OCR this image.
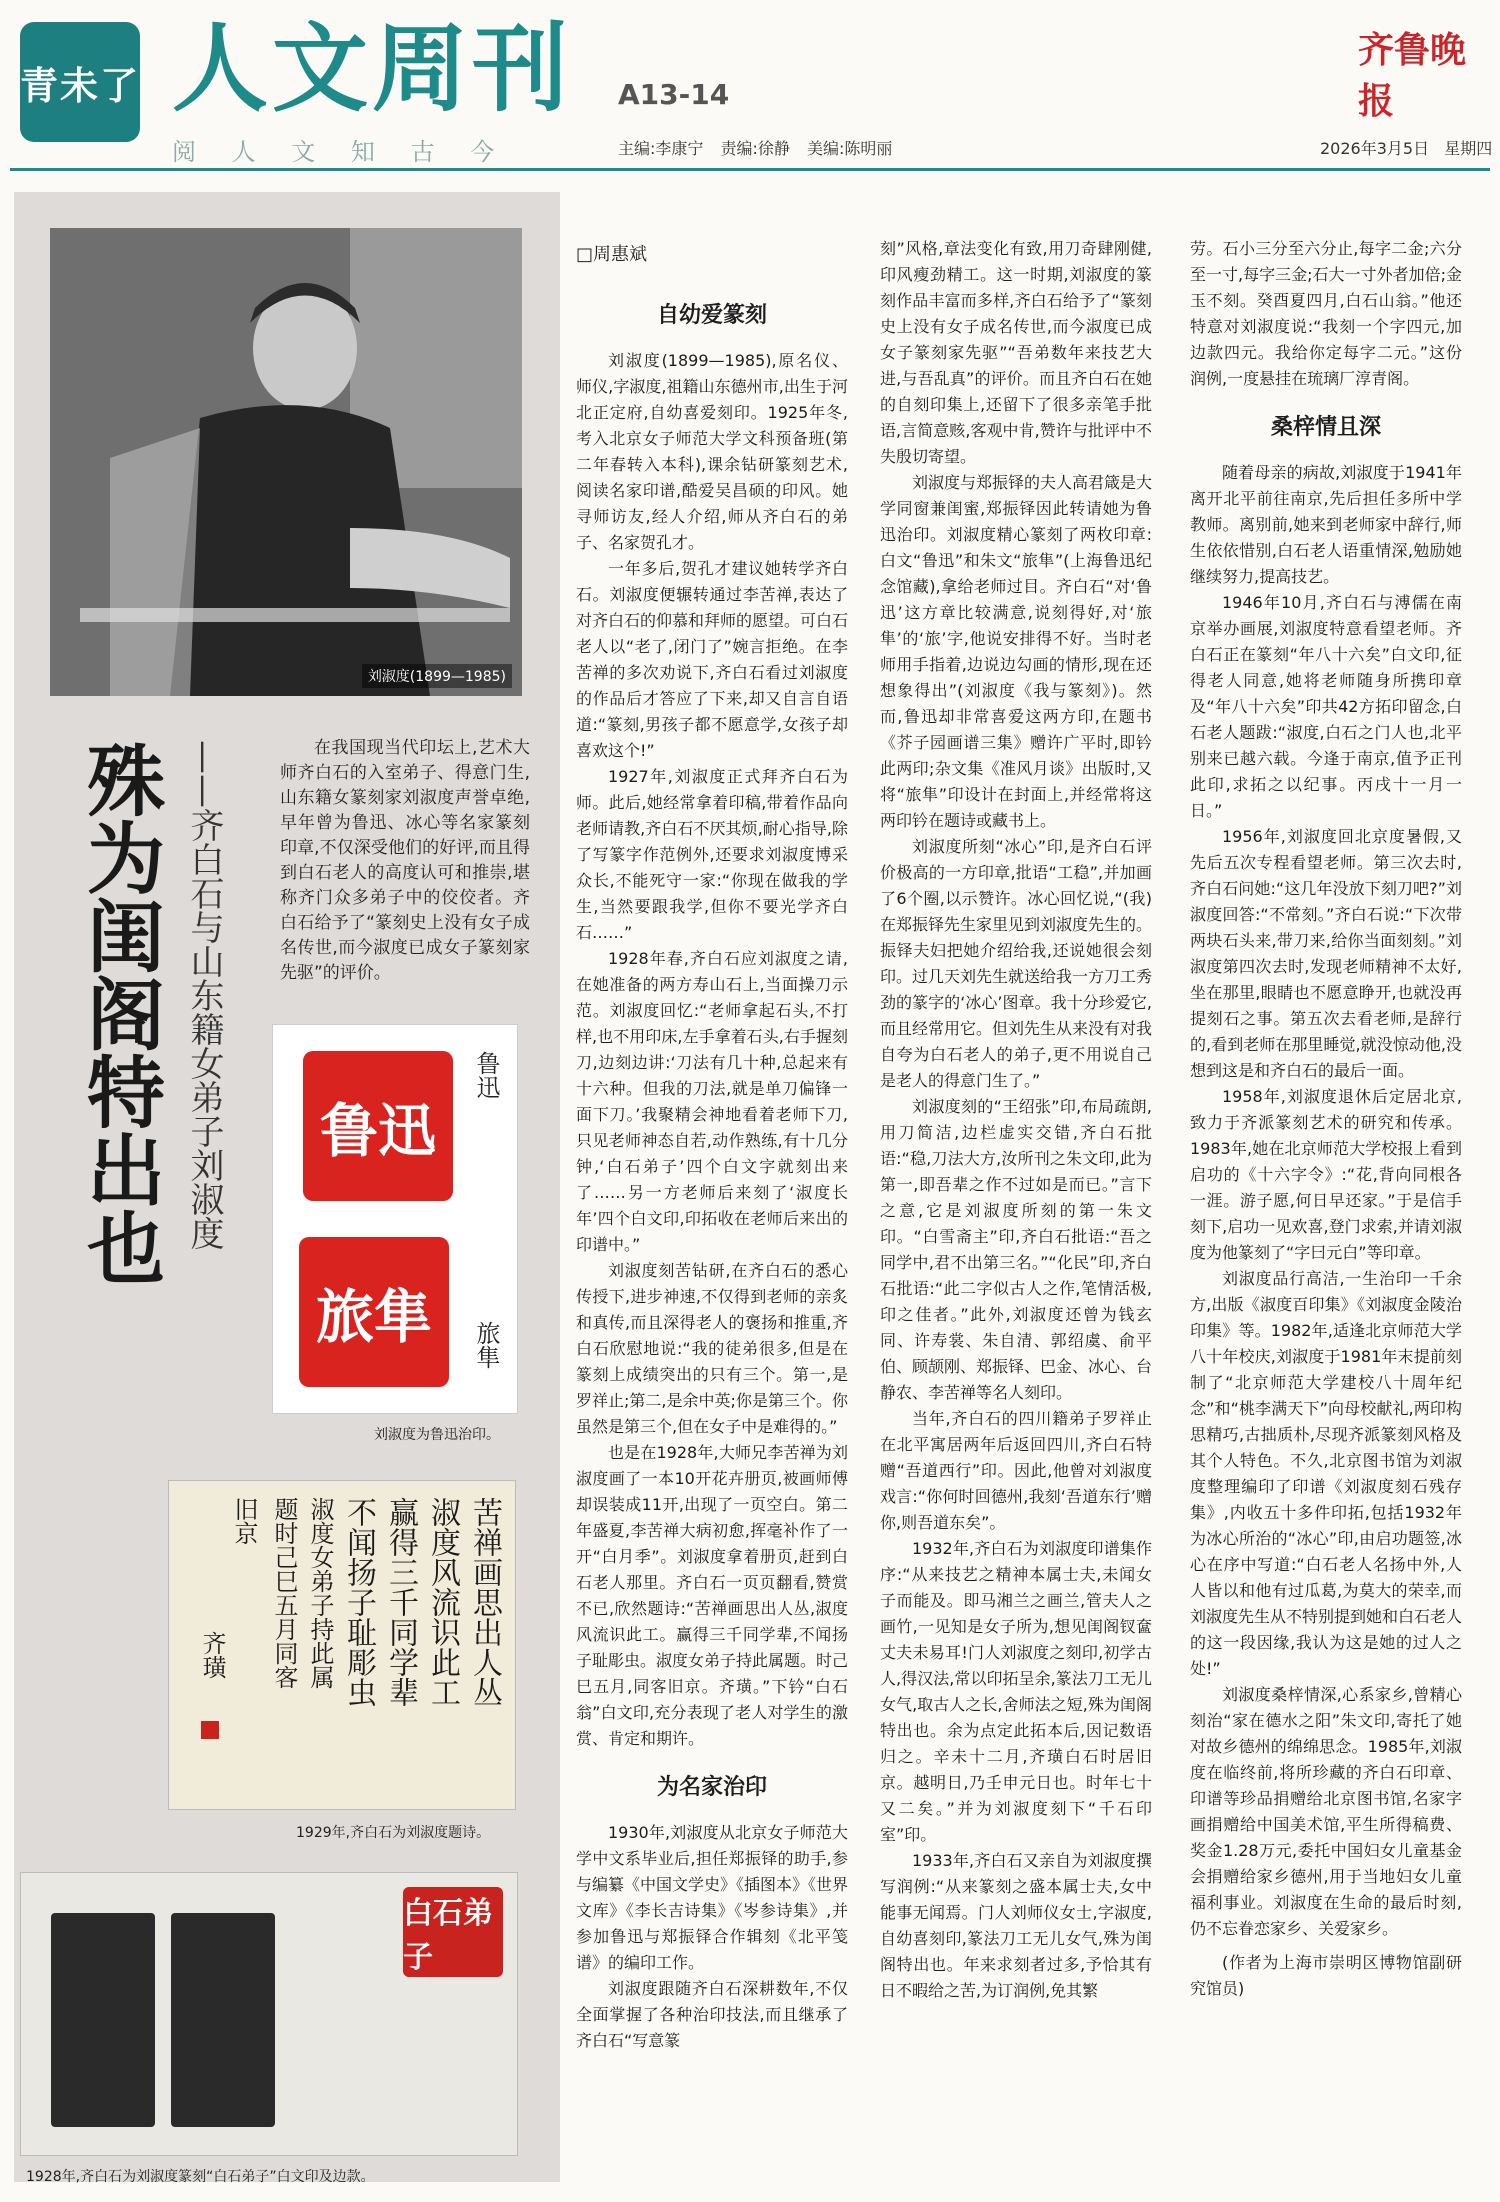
青未了 人文周刊 A13-14
齐鲁晚报
阅 人 文 知 古 今	主编:李康宁 责编:徐静 美编:陈明丽	2026年3月5日 星期四
刘淑度(1899—1985)
殊为闺阁特出也 ——齐白石与山东籍女弟子刘淑度	在我国现当代印坛上,艺术大师齐白石的入室弟子、得意门生,山东籍女篆刻家刘淑度声誉卓绝,早年曾为鲁迅、冰心等名家篆刻印章,不仅深受他们的好评,而且得到白石老人的高度认可和推崇,堪称齐门众多弟子中的佼佼者。齐白石给予了“篆刻史上没有女子成名传世,而今淑度已成女子篆刻家先驱”的评价。
鲁迅
鲁迅
旅隼	旅隼
刘淑度为鲁迅治印。
苦禅画思出人丛
淑度风流识此工
赢得三千同学辈
不闻扬子耻彫虫
淑度女弟子持此属
题时己巳五月同客
旧京
齐璜
1929年,齐白石为刘淑度题诗。
白石弟子
1928年,齐白石为刘淑度篆刻“白石弟子”白文印及边款。
□周惠斌
自幼爱篆刻

刘淑度(1899—1985),原名仪、师仪,字淑度,祖籍山东德州市,出生于河北正定府,自幼喜爱刻印。1925年冬,考入北京女子师范大学文科预备班(第二年春转入本科),课余钻研篆刻艺术,阅读名家印谱,酷爱吴昌硕的印风。她寻师访友,经人介绍,师从齐白石的弟子、名家贺孔才。

一年多后,贺孔才建议她转学齐白石。刘淑度便辗转通过李苦禅,表达了对齐白石的仰慕和拜师的愿望。可白石老人以“老了,闭门了”婉言拒绝。在李苦禅的多次劝说下,齐白石看过刘淑度的作品后才答应了下来,却又自言自语道:“篆刻,男孩子都不愿意学,女孩子却喜欢这个!”

1927年,刘淑度正式拜齐白石为师。此后,她经常拿着印稿,带着作品向老师请教,齐白石不厌其烦,耐心指导,除了写篆字作范例外,还要求刘淑度博采众长,不能死守一家:“你现在做我的学生,当然要跟我学,但你不要光学齐白石……”

1928年春,齐白石应刘淑度之请,在她准备的两方寿山石上,当面操刀示范。刘淑度回忆:“老师拿起石头,不打样,也不用印床,左手拿着石头,右手握刻刀,边刻边讲:‘刀法有几十种,总起来有十六种。但我的刀法,就是单刀偏锋一面下刀。’我聚精会神地看着老师下刀,只见老师神态自若,动作熟练,有十几分钟,‘白石弟子’四个白文字就刻出来了……另一方老师后来刻了‘淑度长年’四个白文印,印拓收在老师后来出的印谱中。”

刘淑度刻苦钻研,在齐白石的悉心传授下,进步神速,不仅得到老师的亲炙和真传,而且深得老人的褒扬和推重,齐白石欣慰地说:“我的徒弟很多,但是在篆刻上成绩突出的只有三个。第一,是罗祥止;第二,是余中英;你是第三个。你虽然是第三个,但在女子中是难得的。”

也是在1928年,大师兄李苦禅为刘淑度画了一本10开花卉册页,被画师傅却误装成11开,出现了一页空白。第二年盛夏,李苦禅大病初愈,挥毫补作了一开“白月季”。刘淑度拿着册页,赶到白石老人那里。齐白石一页页翻看,赞赏不已,欣然题诗:“苦禅画思出人丛,淑度风流识此工。赢得三千同学辈,不闻扬子耻彫虫。淑度女弟子持此属题。时己巳五月,同客旧京。齐璜。”下钤“白石翁”白文印,充分表现了老人对学生的激赏、肯定和期许。

为名家治印

1930年,刘淑度从北京女子师范大学中文系毕业后,担任郑振铎的助手,参与编纂《中国文学史》《插图本》《世界文库》《李长吉诗集》《岑参诗集》,并参加鲁迅与郑振铎合作辑刻《北平笺谱》的编印工作。

刘淑度跟随齐白石深耕数年,不仅全面掌握了各种治印技法,而且继承了齐白石“写意篆

刻”风格,章法变化有致,用刀奇肆刚健,印风瘦劲精工。这一时期,刘淑度的篆刻作品丰富而多样,齐白石给予了“篆刻史上没有女子成名传世,而今淑度已成女子篆刻家先驱”“吾弟数年来技艺大进,与吾乱真”的评价。而且齐白石在她的自刻印集上,还留下了很多亲笔手批语,言简意赅,客观中肯,赞许与批评中不失殷切寄望。

刘淑度与郑振铎的夫人高君箴是大学同窗兼闺蜜,郑振铎因此转请她为鲁迅治印。刘淑度精心篆刻了两枚印章:白文“鲁迅”和朱文“旅隼”(上海鲁迅纪念馆藏),拿给老师过目。齐白石“对‘鲁迅’这方章比较满意,说刻得好,对‘旅隼’的‘旅’字,他说安排得不好。当时老师用手指着,边说边勾画的情形,现在还想象得出”(刘淑度《我与篆刻》)。然而,鲁迅却非常喜爱这两方印,在题书《芥子园画谱三集》赠许广平时,即钤此两印;杂文集《准风月谈》出版时,又将“旅隼”印设计在封面上,并经常将这两印钤在题诗或藏书上。

刘淑度所刻“冰心”印,是齐白石评价极高的一方印章,批语“工稳”,并加画了6个圈,以示赞许。冰心回忆说,“(我)在郑振铎先生家里见到刘淑度先生的。振铎夫妇把她介绍给我,还说她很会刻印。过几天刘先生就送给我一方刀工秀劲的篆字的‘冰心’图章。我十分珍爱它,而且经常用它。但刘先生从来没有对我自夸为白石老人的弟子,更不用说自己是老人的得意门生了。”

刘淑度刻的“王绍张”印,布局疏朗,用刀简洁,边栏虚实交错,齐白石批语:“稳,刀法大方,汝所刊之朱文印,此为第一,即吾辈之作不过如是而已。”言下之意,它是刘淑度所刻的第一朱文印。“白雪斋主”印,齐白石批语:“吾之同学中,君不出第三名。”“化民”印,齐白石批语:“此二字似古人之作,笔情活极,印之佳者。”此外,刘淑度还曾为钱玄同、许寿裳、朱自清、郭绍虞、俞平伯、顾颉刚、郑振铎、巴金、冰心、台静农、李苦禅等名人刻印。

当年,齐白石的四川籍弟子罗祥止在北平寓居两年后返回四川,齐白石特赠“吾道西行”印。因此,他曾对刘淑度戏言:“你何时回德州,我刻‘吾道东行’赠你,则吾道东矣”。

1932年,齐白石为刘淑度印谱集作序:“从来技艺之精神本属士夫,未闻女子而能及。即马湘兰之画兰,管夫人之画竹,一见知是女子所为,想见闺阁钗奩丈夫未易耳!门人刘淑度之刻印,初学古人,得汉法,常以印拓呈余,篆法刀工无儿女气,取古人之长,舍师法之短,殊为闺阁特出也。余为点定此拓本后,因记数语归之。辛未十二月,齐璜白石时居旧京。越明日,乃壬申元日也。时年七十又二矣。”并为刘淑度刻下“千石印室”印。

1933年,齐白石又亲自为刘淑度撰写润例:“从来篆刻之盛本属士夫,女中能事无闻焉。门人刘师仪女士,字淑度,自幼喜刻印,篆法刀工无儿女气,殊为闺阁特出也。年来求刻者过多,予恰其有日不暇给之苦,为订润例,免其繁

劳。石小三分至六分止,每字二金;六分至一寸,每字三金;石大一寸外者加倍;金玉不刻。癸酉夏四月,白石山翁。”他还特意对刘淑度说:“我刻一个字四元,加边款四元。我给你定每字二元。”这份润例,一度悬挂在琉璃厂淳青阁。

桑梓情且深

随着母亲的病故,刘淑度于1941年离开北平前往南京,先后担任多所中学教师。离别前,她来到老师家中辞行,师生依依惜别,白石老人语重情深,勉励她继续努力,提高技艺。

1946年10月,齐白石与溥儒在南京举办画展,刘淑度特意看望老师。齐白石正在篆刻“年八十六矣”白文印,征得老人同意,她将老师随身所携印章及“年八十六矣”印共42方拓印留念,白石老人题跋:“淑度,白石之门人也,北平别来已越六载。今逢于南京,值予正刊此印,求拓之以纪事。丙戌十一月一日。”

1956年,刘淑度回北京度暑假,又先后五次专程看望老师。第三次去时,齐白石问她:“这几年没放下刻刀吧?”刘淑度回答:“不常刻。”齐白石说:“下次带两块石头来,带刀来,给你当面刻刻。”刘淑度第四次去时,发现老师精神不太好,坐在那里,眼睛也不愿意睁开,也就没再提刻石之事。第五次去看老师,是辞行的,看到老师在那里睡觉,就没惊动他,没想到这是和齐白石的最后一面。

1958年,刘淑度退休后定居北京,致力于齐派篆刻艺术的研究和传承。1983年,她在北京师范大学校报上看到启功的《十六字令》:“花,背向同根各一涯。游子愿,何日早还家。”于是信手刻下,启功一见欢喜,登门求索,并请刘淑度为他篆刻了“字曰元白”等印章。

刘淑度品行高洁,一生治印一千余方,出版《淑度百印集》《刘淑度金陵治印集》等。1982年,适逢北京师范大学八十年校庆,刘淑度于1981年末提前刻制了“北京师范大学建校八十周年纪念”和“桃李满天下”向母校献礼,两印构思精巧,古拙质朴,尽现齐派篆刻风格及其个人特色。不久,北京图书馆为刘淑度整理编印了印谱《刘淑度刻石残存集》,内收五十多件印拓,包括1932年为冰心所治的“冰心”印,由启功题签,冰心在序中写道:“白石老人名扬中外,人人皆以和他有过瓜葛,为莫大的荣幸,而刘淑度先生从不特别提到她和白石老人的这一段因缘,我认为这是她的过人之处!”

刘淑度桑梓情深,心系家乡,曾精心刻治“家在德水之阳”朱文印,寄托了她对故乡德州的绵绵思念。1985年,刘淑度在临终前,将所珍藏的齐白石印章、印谱等珍品捐赠给北京图书馆,名家字画捐赠给中国美术馆,平生所得稿费、奖金1.28万元,委托中国妇女儿童基金会捐赠给家乡德州,用于当地妇女儿童福利事业。刘淑度在生命的最后时刻,仍不忘眷恋家乡、关爱家乡。

(作者为上海市崇明区博物馆副研究馆员)
